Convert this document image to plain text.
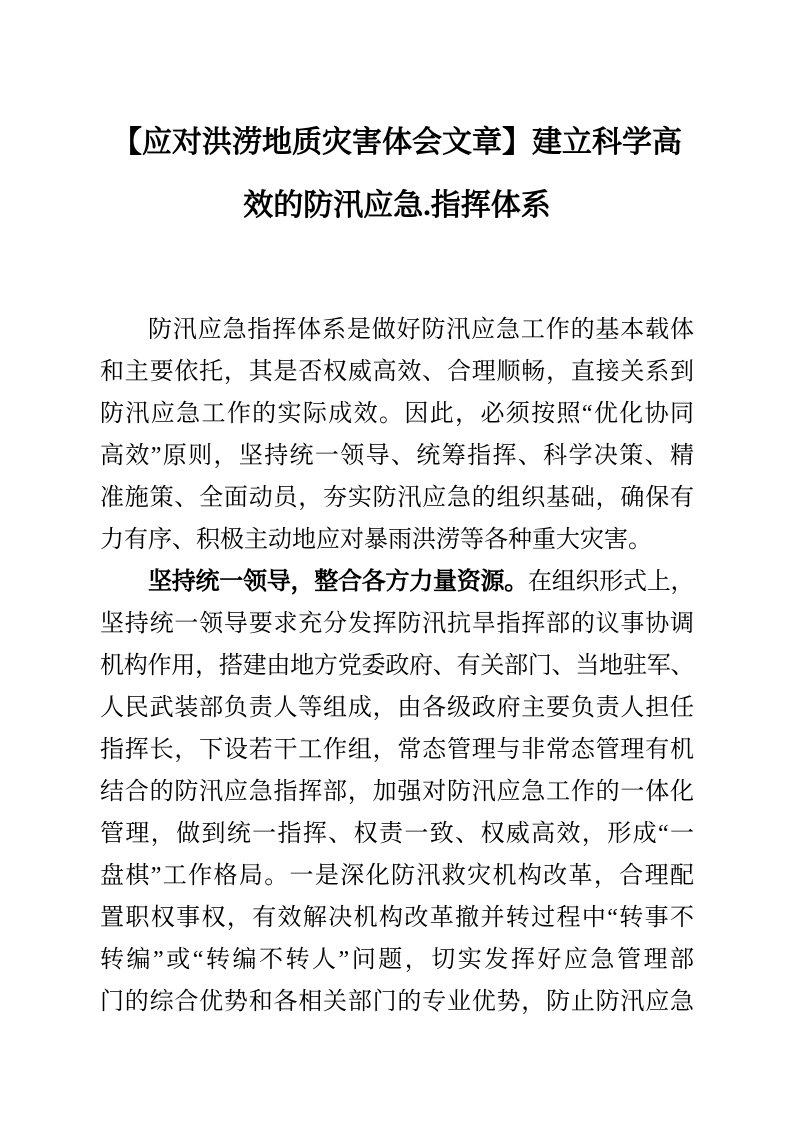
【应对洪涝地质灾害体会文章】建立科学高
效的防汛应急.指挥体系
防汛应急指挥体系是做好防汛应急工作的基本载体
和主要依托，其是否权威高效、合理顺畅，直接关系到
防汛应急工作的实际成效。因此，必须按照“优化协同
高效”原则，坚持统一领导、统筹指挥、科学决策、精
准施策、全面动员，夯实防汛应急的组织基础，确保有
力有序、积极主动地应对暴雨洪涝等各种重大灾害。
坚持统一领导，整合各方力量资源。在组织形式上，
坚持统一领导要求充分发挥防汛抗旱指挥部的议事协调
机构作用，搭建由地方党委政府、有关部门、当地驻军、
人民武装部负责人等组成，由各级政府主要负责人担任
指挥长，下设若干工作组，常态管理与非常态管理有机
结合的防汛应急指挥部，加强对防汛应急工作的一体化
管理，做到统一指挥、权责一致、权威高效，形成“一
盘棋”工作格局。一是深化防汛救灾机构改革，合理配
置职权事权，有效解决机构改革撤并转过程中“转事不
转编”或“转编不转人”问题，切实发挥好应急管理部
门的综合优势和各相关部门的专业优势，防止防汛应急
